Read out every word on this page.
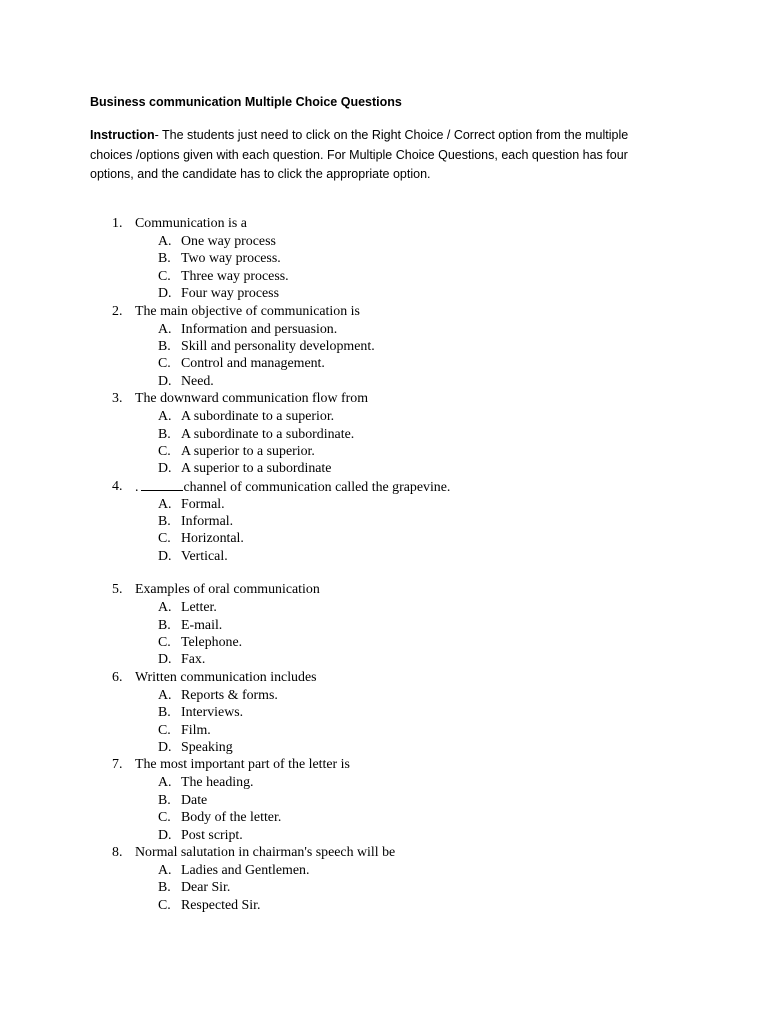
Business communication Multiple Choice Questions
Instruction- The students just need to click on the Right Choice / Correct option from the multiple choices /options given with each question. For Multiple Choice Questions, each question has four options, and the candidate has to click the appropriate option.
1. Communication is a
A. One way process
B. Two way process.
C. Three way process.
D. Four way process
2. The main objective of communication is
A. Information and persuasion.
B. Skill and personality development.
C. Control and management.
D. Need.
3. The downward communication flow from
A. A subordinate to a superior.
B. A subordinate to a subordinate.
C. A superior to a superior.
D. A superior to a subordinate
4. .	channel of communication called the grapevine.
A. Formal.
B. Informal.
C. Horizontal.
D. Vertical.
5. Examples of oral communication
A. Letter.
B. E-mail.
C. Telephone.
D. Fax.
6. Written communication includes
A. Reports & forms.
B. Interviews.
C. Film.
D. Speaking
7. The most important part of the letter is
A. The heading.
B. Date
C. Body of the letter.
D. Post script.
8. Normal salutation in chairman's speech will be
A. Ladies and Gentlemen.
B. Dear Sir.
C. Respected Sir.
